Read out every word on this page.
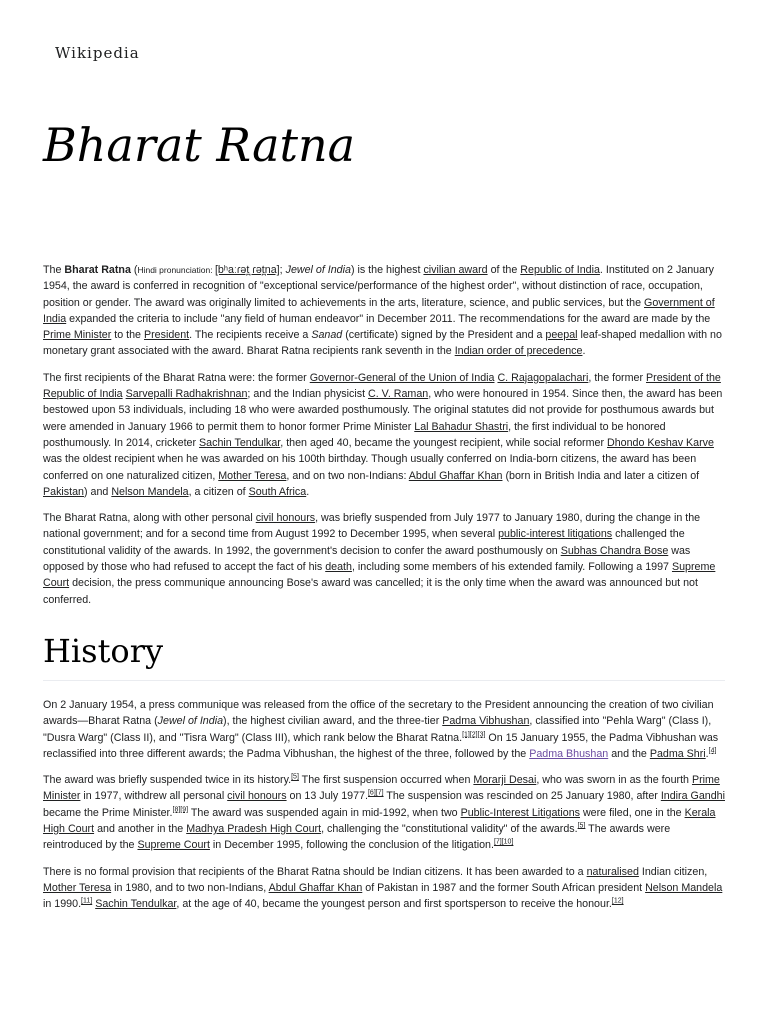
Wikipedia
Bharat Ratna

The Bharat Ratna (Hindi pronunciation: [bʰaːɾət̪ ɾət̪na]; Jewel of India) is the highest civilian award of the Republic of India. Instituted on 2 January 1954, the award is conferred in recognition of "exceptional service/performance of the highest order", without distinction of race, occupation, position or gender. The award was originally limited to achievements in the arts, literature, science, and public services, but the Government of India expanded the criteria to include "any field of human endeavor" in December 2011. The recommendations for the award are made by the Prime Minister to the President. The recipients receive a Sanad (certificate) signed by the President and a peepal leaf-shaped medallion with no monetary grant associated with the award. Bharat Ratna recipients rank seventh in the Indian order of precedence.

The first recipients of the Bharat Ratna were: the former Governor-General of the Union of India C. Rajagopalachari, the former President of the Republic of India Sarvepalli Radhakrishnan; and the Indian physicist C. V. Raman, who were honoured in 1954. Since then, the award has been bestowed upon 53 individuals, including 18 who were awarded posthumously. The original statutes did not provide for posthumous awards but were amended in January 1966 to permit them to honor former Prime Minister Lal Bahadur Shastri, the first individual to be honored posthumously. In 2014, cricketer Sachin Tendulkar, then aged 40, became the youngest recipient, while social reformer Dhondo Keshav Karve was the oldest recipient when he was awarded on his 100th birthday. Though usually conferred on India-born citizens, the award has been conferred on one naturalized citizen, Mother Teresa, and on two non-Indians: Abdul Ghaffar Khan (born in British India and later a citizen of Pakistan) and Nelson Mandela, a citizen of South Africa.

The Bharat Ratna, along with other personal civil honours, was briefly suspended from July 1977 to January 1980, during the change in the national government; and for a second time from August 1992 to December 1995, when several public-interest litigations challenged the constitutional validity of the awards. In 1992, the government's decision to confer the award posthumously on Subhas Chandra Bose was opposed by those who had refused to accept the fact of his death, including some members of his extended family. Following a 1997 Supreme Court decision, the press communique announcing Bose's award was cancelled; it is the only time when the award was announced but not conferred.

History

On 2 January 1954, a press communique was released from the office of the secretary to the President announcing the creation of two civilian awards—Bharat Ratna (Jewel of India), the highest civilian award, and the three-tier Padma Vibhushan, classified into "Pehla Warg" (Class I), "Dusra Warg" (Class II), and "Tisra Warg" (Class III), which rank below the Bharat Ratna.[1][2][3] On 15 January 1955, the Padma Vibhushan was reclassified into three different awards; the Padma Vibhushan, the highest of the three, followed by the Padma Bhushan and the Padma Shri.[4]

The award was briefly suspended twice in its history.[5] The first suspension occurred when Morarji Desai, who was sworn in as the fourth Prime Minister in 1977, withdrew all personal civil honours on 13 July 1977.[6][7] The suspension was rescinded on 25 January 1980, after Indira Gandhi became the Prime Minister.[8][9] The award was suspended again in mid-1992, when two Public-Interest Litigations were filed, one in the Kerala High Court and another in the Madhya Pradesh High Court, challenging the "constitutional validity" of the awards.[5] The awards were reintroduced by the Supreme Court in December 1995, following the conclusion of the litigation.[7][10]

There is no formal provision that recipients of the Bharat Ratna should be Indian citizens. It has been awarded to a naturalised Indian citizen, Mother Teresa in 1980, and to two non-Indians, Abdul Ghaffar Khan of Pakistan in 1987 and the former South African president Nelson Mandela in 1990.[11] Sachin Tendulkar, at the age of 40, became the youngest person and first sportsperson to receive the honour.[12]
